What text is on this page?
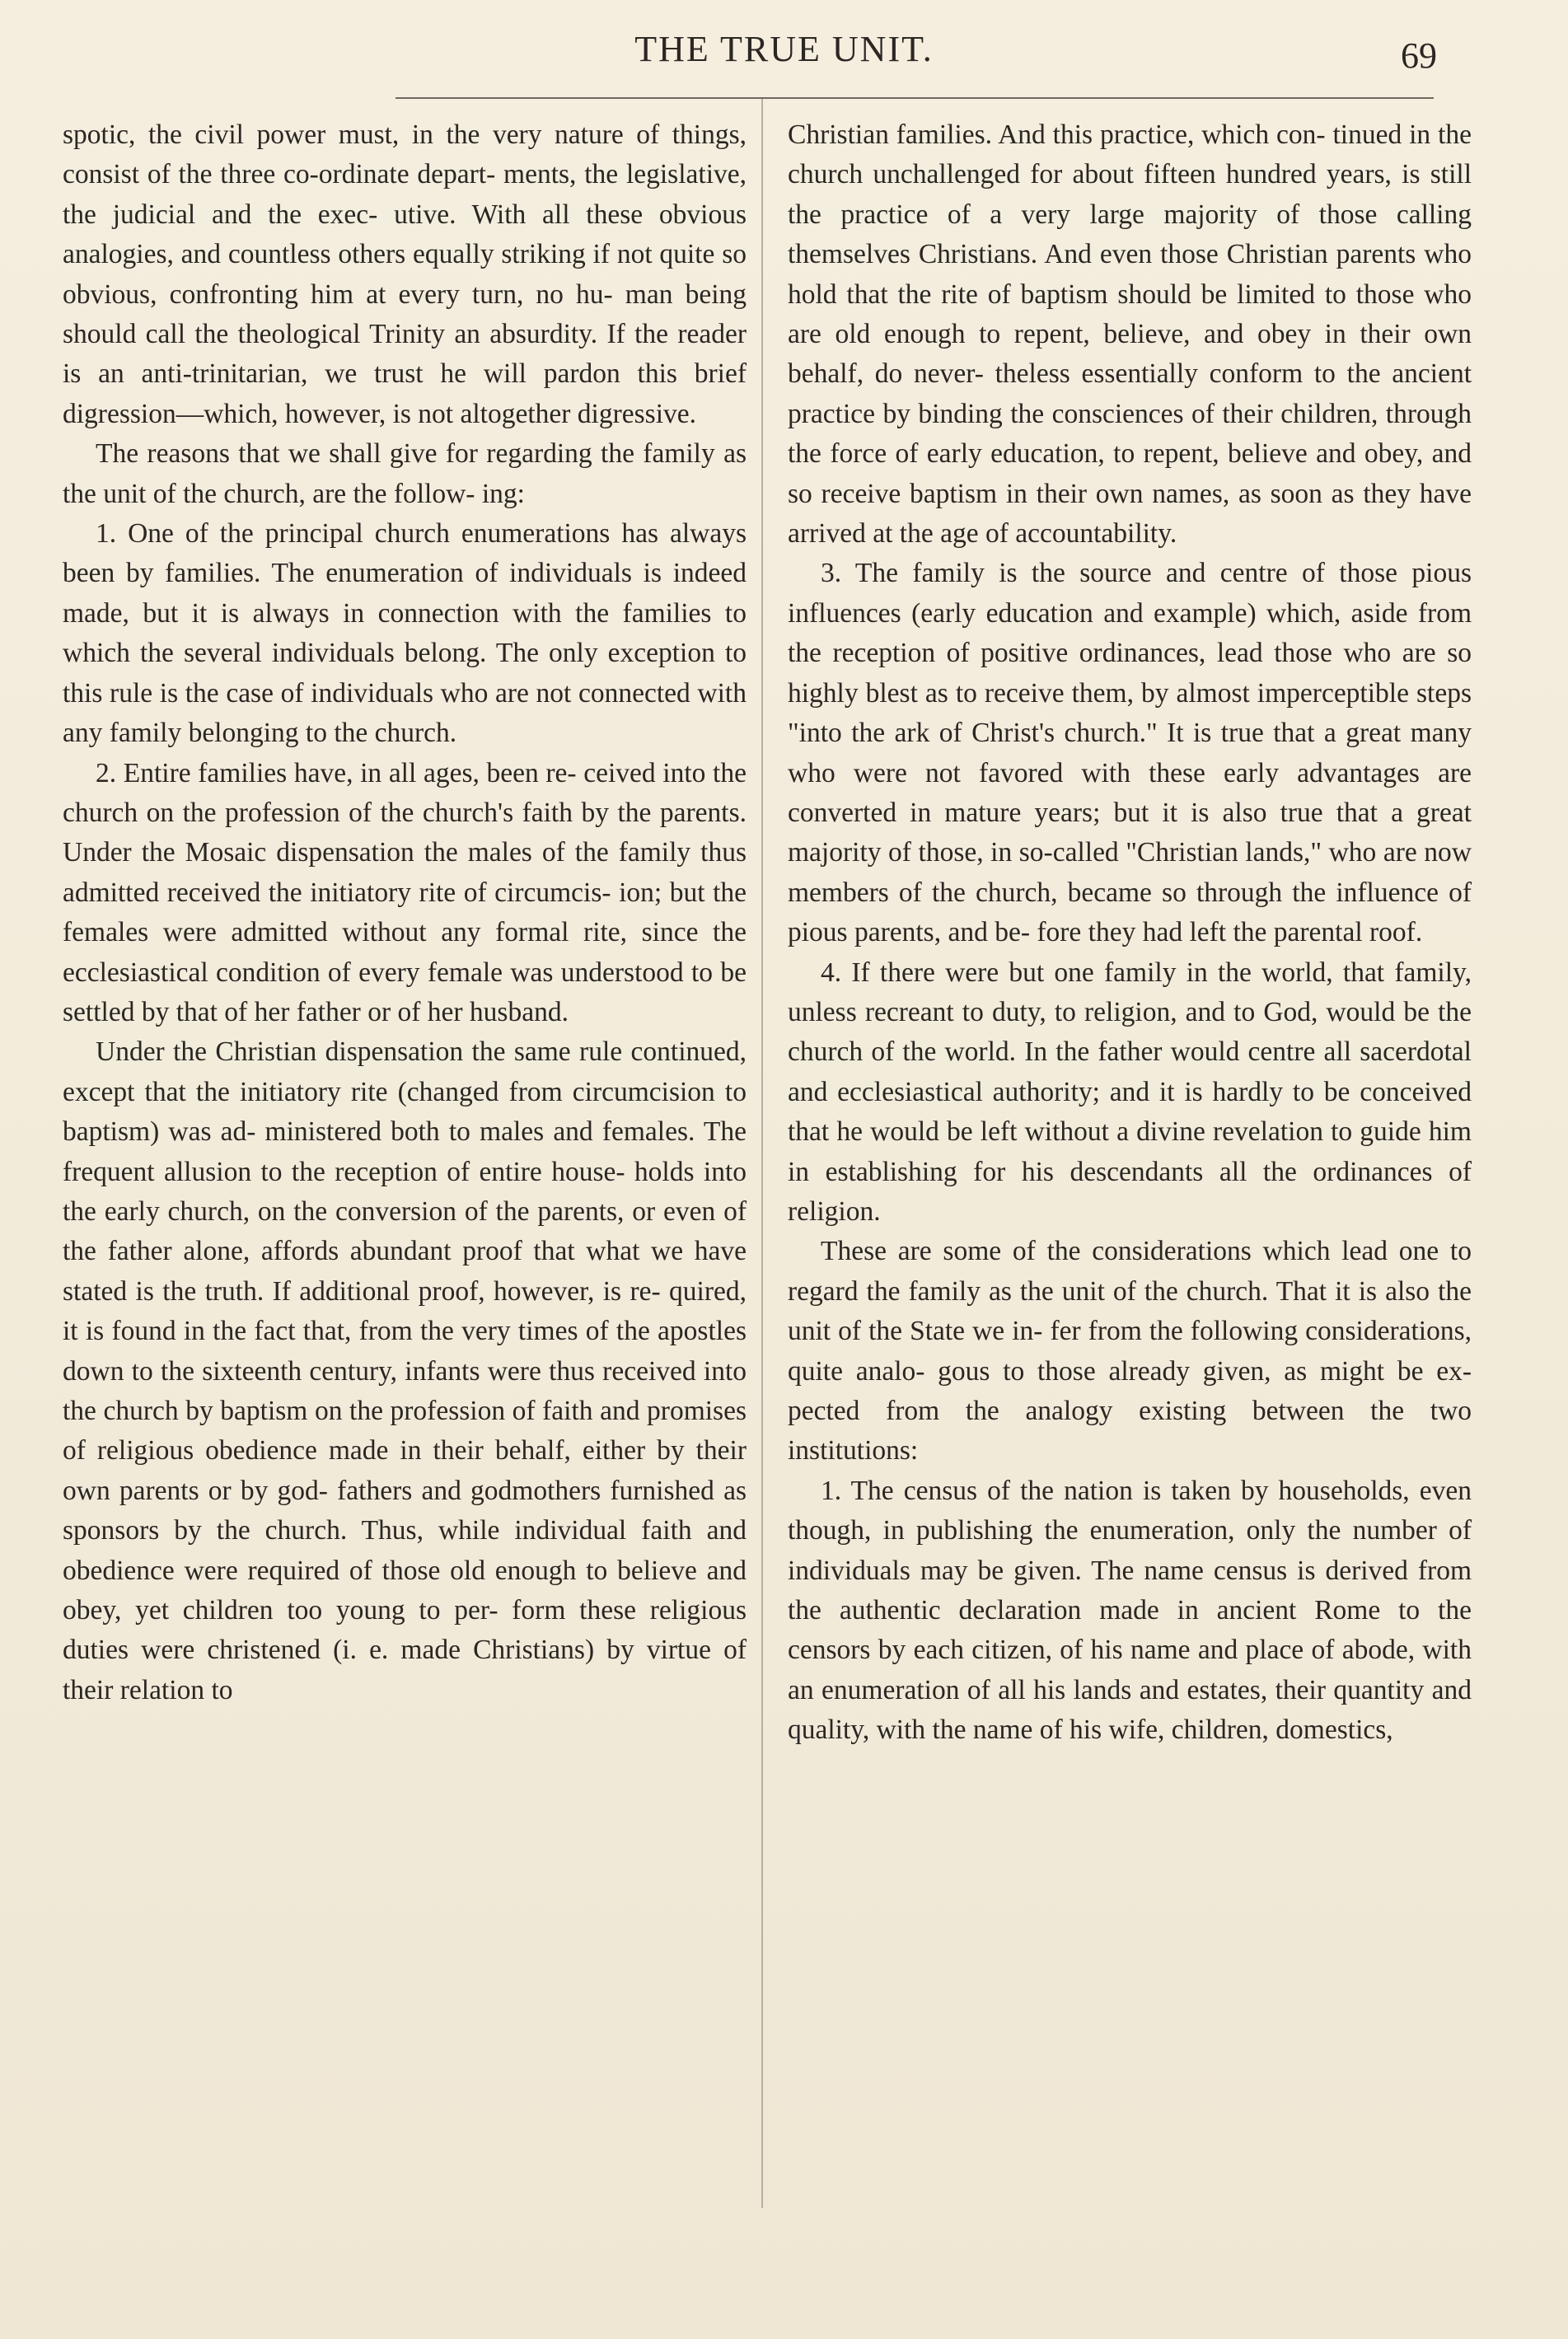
THE TRUE UNIT.	69

spotic, the civil power must, in the very nature of things, consist of the three co-ordinate depart- ments, the legislative, the judicial and the exec- utive. With all these obvious analogies, and countless others equally striking if not quite so obvious, confronting him at every turn, no hu- man being should call the theological Trinity an absurdity. If the reader is an anti-trinitarian, we trust he will pardon this brief digression—which, however, is not altogether digressive.

The reasons that we shall give for regarding the family as the unit of the church, are the follow- ing:

1. One of the principal church enumerations has always been by families. The enumeration of individuals is indeed made, but it is always in connection with the families to which the several individuals belong. The only exception to this rule is the case of individuals who are not connected with any family belonging to the church.

2. Entire families have, in all ages, been re- ceived into the church on the profession of the church's faith by the parents. Under the Mosaic dispensation the males of the family thus admitted received the initiatory rite of circumcis- ion; but the females were admitted without any formal rite, since the ecclesiastical condition of every female was understood to be settled by that of her father or of her husband.

Under the Christian dispensation the same rule continued, except that the initiatory rite (changed from circumcision to baptism) was ad- ministered both to males and females. The frequent allusion to the reception of entire house- holds into the early church, on the conversion of the parents, or even of the father alone, affords abundant proof that what we have stated is the truth. If additional proof, however, is re- quired, it is found in the fact that, from the very times of the apostles down to the sixteenth century, infants were thus received into the church by baptism on the profession of faith and promises of religious obedience made in their behalf, either by their own parents or by god- fathers and godmothers furnished as sponsors by the church. Thus, while individual faith and obedience were required of those old enough to believe and obey, yet children too young to per- form these religious duties were christened (i. e. made Christians) by virtue of their relation to

Christian families. And this practice, which con- tinued in the church unchallenged for about fifteen hundred years, is still the practice of a very large majority of those calling themselves Christians. And even those Christian parents who hold that the rite of baptism should be limited to those who are old enough to repent, believe, and obey in their own behalf, do never- theless essentially conform to the ancient practice by binding the consciences of their children, through the force of early education, to repent, believe and obey, and so receive baptism in their own names, as soon as they have arrived at the age of accountability.

3. The family is the source and centre of those pious influences (early education and example) which, aside from the reception of positive ordinances, lead those who are so highly blest as to receive them, by almost imperceptible steps "into the ark of Christ's church." It is true that a great many who were not favored with these early advantages are converted in mature years; but it is also true that a great majority of those, in so-called "Christian lands," who are now members of the church, became so through the influence of pious parents, and be- fore they had left the parental roof.

4. If there were but one family in the world, that family, unless recreant to duty, to religion, and to God, would be the church of the world. In the father would centre all sacerdotal and ecclesiastical authority; and it is hardly to be conceived that he would be left without a divine revelation to guide him in establishing for his descendants all the ordinances of religion.

These are some of the considerations which lead one to regard the family as the unit of the church. That it is also the unit of the State we in- fer from the following considerations, quite analo- gous to those already given, as might be ex- pected from the analogy existing between the two institutions:

1. The census of the nation is taken by households, even though, in publishing the enumeration, only the number of individuals may be given. The name census is derived from the authentic declaration made in ancient Rome to the censors by each citizen, of his name and place of abode, with an enumeration of all his lands and estates, their quantity and quality, with the name of his wife, children, domestics,
